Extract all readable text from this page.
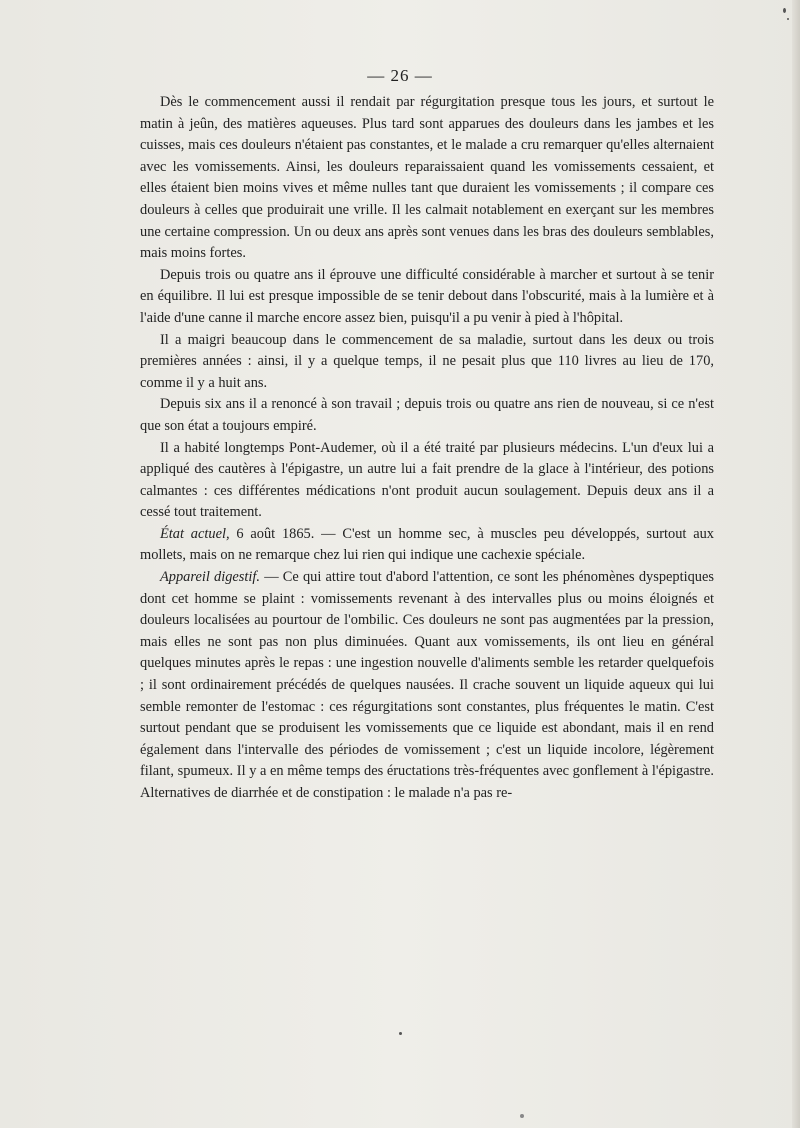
— 26 —

Dès le commencement aussi il rendait par régurgitation presque tous les jours, et surtout le matin à jeûn, des matières aqueuses. Plus tard sont apparues des douleurs dans les jambes et les cuisses, mais ces douleurs n'étaient pas constantes, et le malade a cru remarquer qu'elles alternaient avec les vomissements. Ainsi, les douleurs reparaissaient quand les vomissements cessaient, et elles étaient bien moins vives et même nulles tant que duraient les vomissements ; il compare ces douleurs à celles que produirait une vrille. Il les calmait notablement en exerçant sur les membres une certaine compression. Un ou deux ans après sont venues dans les bras des douleurs semblables, mais moins fortes.

Depuis trois ou quatre ans il éprouve une difficulté considérable à marcher et surtout à se tenir en équilibre. Il lui est presque impossible de se tenir debout dans l'obscurité, mais à la lumière et à l'aide d'une canne il marche encore assez bien, puisqu'il a pu venir à pied à l'hôpital.

Il a maigri beaucoup dans le commencement de sa maladie, surtout dans les deux ou trois premières années : ainsi, il y a quelque temps, il ne pesait plus que 110 livres au lieu de 170, comme il y a huit ans.

Depuis six ans il a renoncé à son travail ; depuis trois ou quatre ans rien de nouveau, si ce n'est que son état a toujours empiré.

Il a habité longtemps Pont-Audemer, où il a été traité par plusieurs médecins. L'un d'eux lui a appliqué des cautères à l'épigastre, un autre lui a fait prendre de la glace à l'intérieur, des potions calmantes : ces différentes médications n'ont produit aucun soulagement. Depuis deux ans il a cessé tout traitement.

État actuel, 6 août 1865. — C'est un homme sec, à muscles peu développés, surtout aux mollets, mais on ne remarque chez lui rien qui indique une cachexie spéciale.

Appareil digestif. — Ce qui attire tout d'abord l'attention, ce sont les phénomènes dyspeptiques dont cet homme se plaint : vomissements revenant à des intervalles plus ou moins éloignés et douleurs localisées au pourtour de l'ombilic. Ces douleurs ne sont pas augmentées par la pression, mais elles ne sont pas non plus diminuées. Quant aux vomissements, ils ont lieu en général quelques minutes après le repas : une ingestion nouvelle d'aliments semble les retarder quelquefois ; il sont ordinairement précédés de quelques nausées. Il crache souvent un liquide aqueux qui lui semble remonter de l'estomac : ces régurgitations sont constantes, plus fréquentes le matin. C'est surtout pendant que se produisent les vomissements que ce liquide est abondant, mais il en rend également dans l'intervalle des périodes de vomissement ; c'est un liquide incolore, légèrement filant, spumeux. Il y a en même temps des éructations très-fréquentes avec gonflement à l'épigastre. Alternatives de diarrhée et de constipation : le malade n'a pas re-
